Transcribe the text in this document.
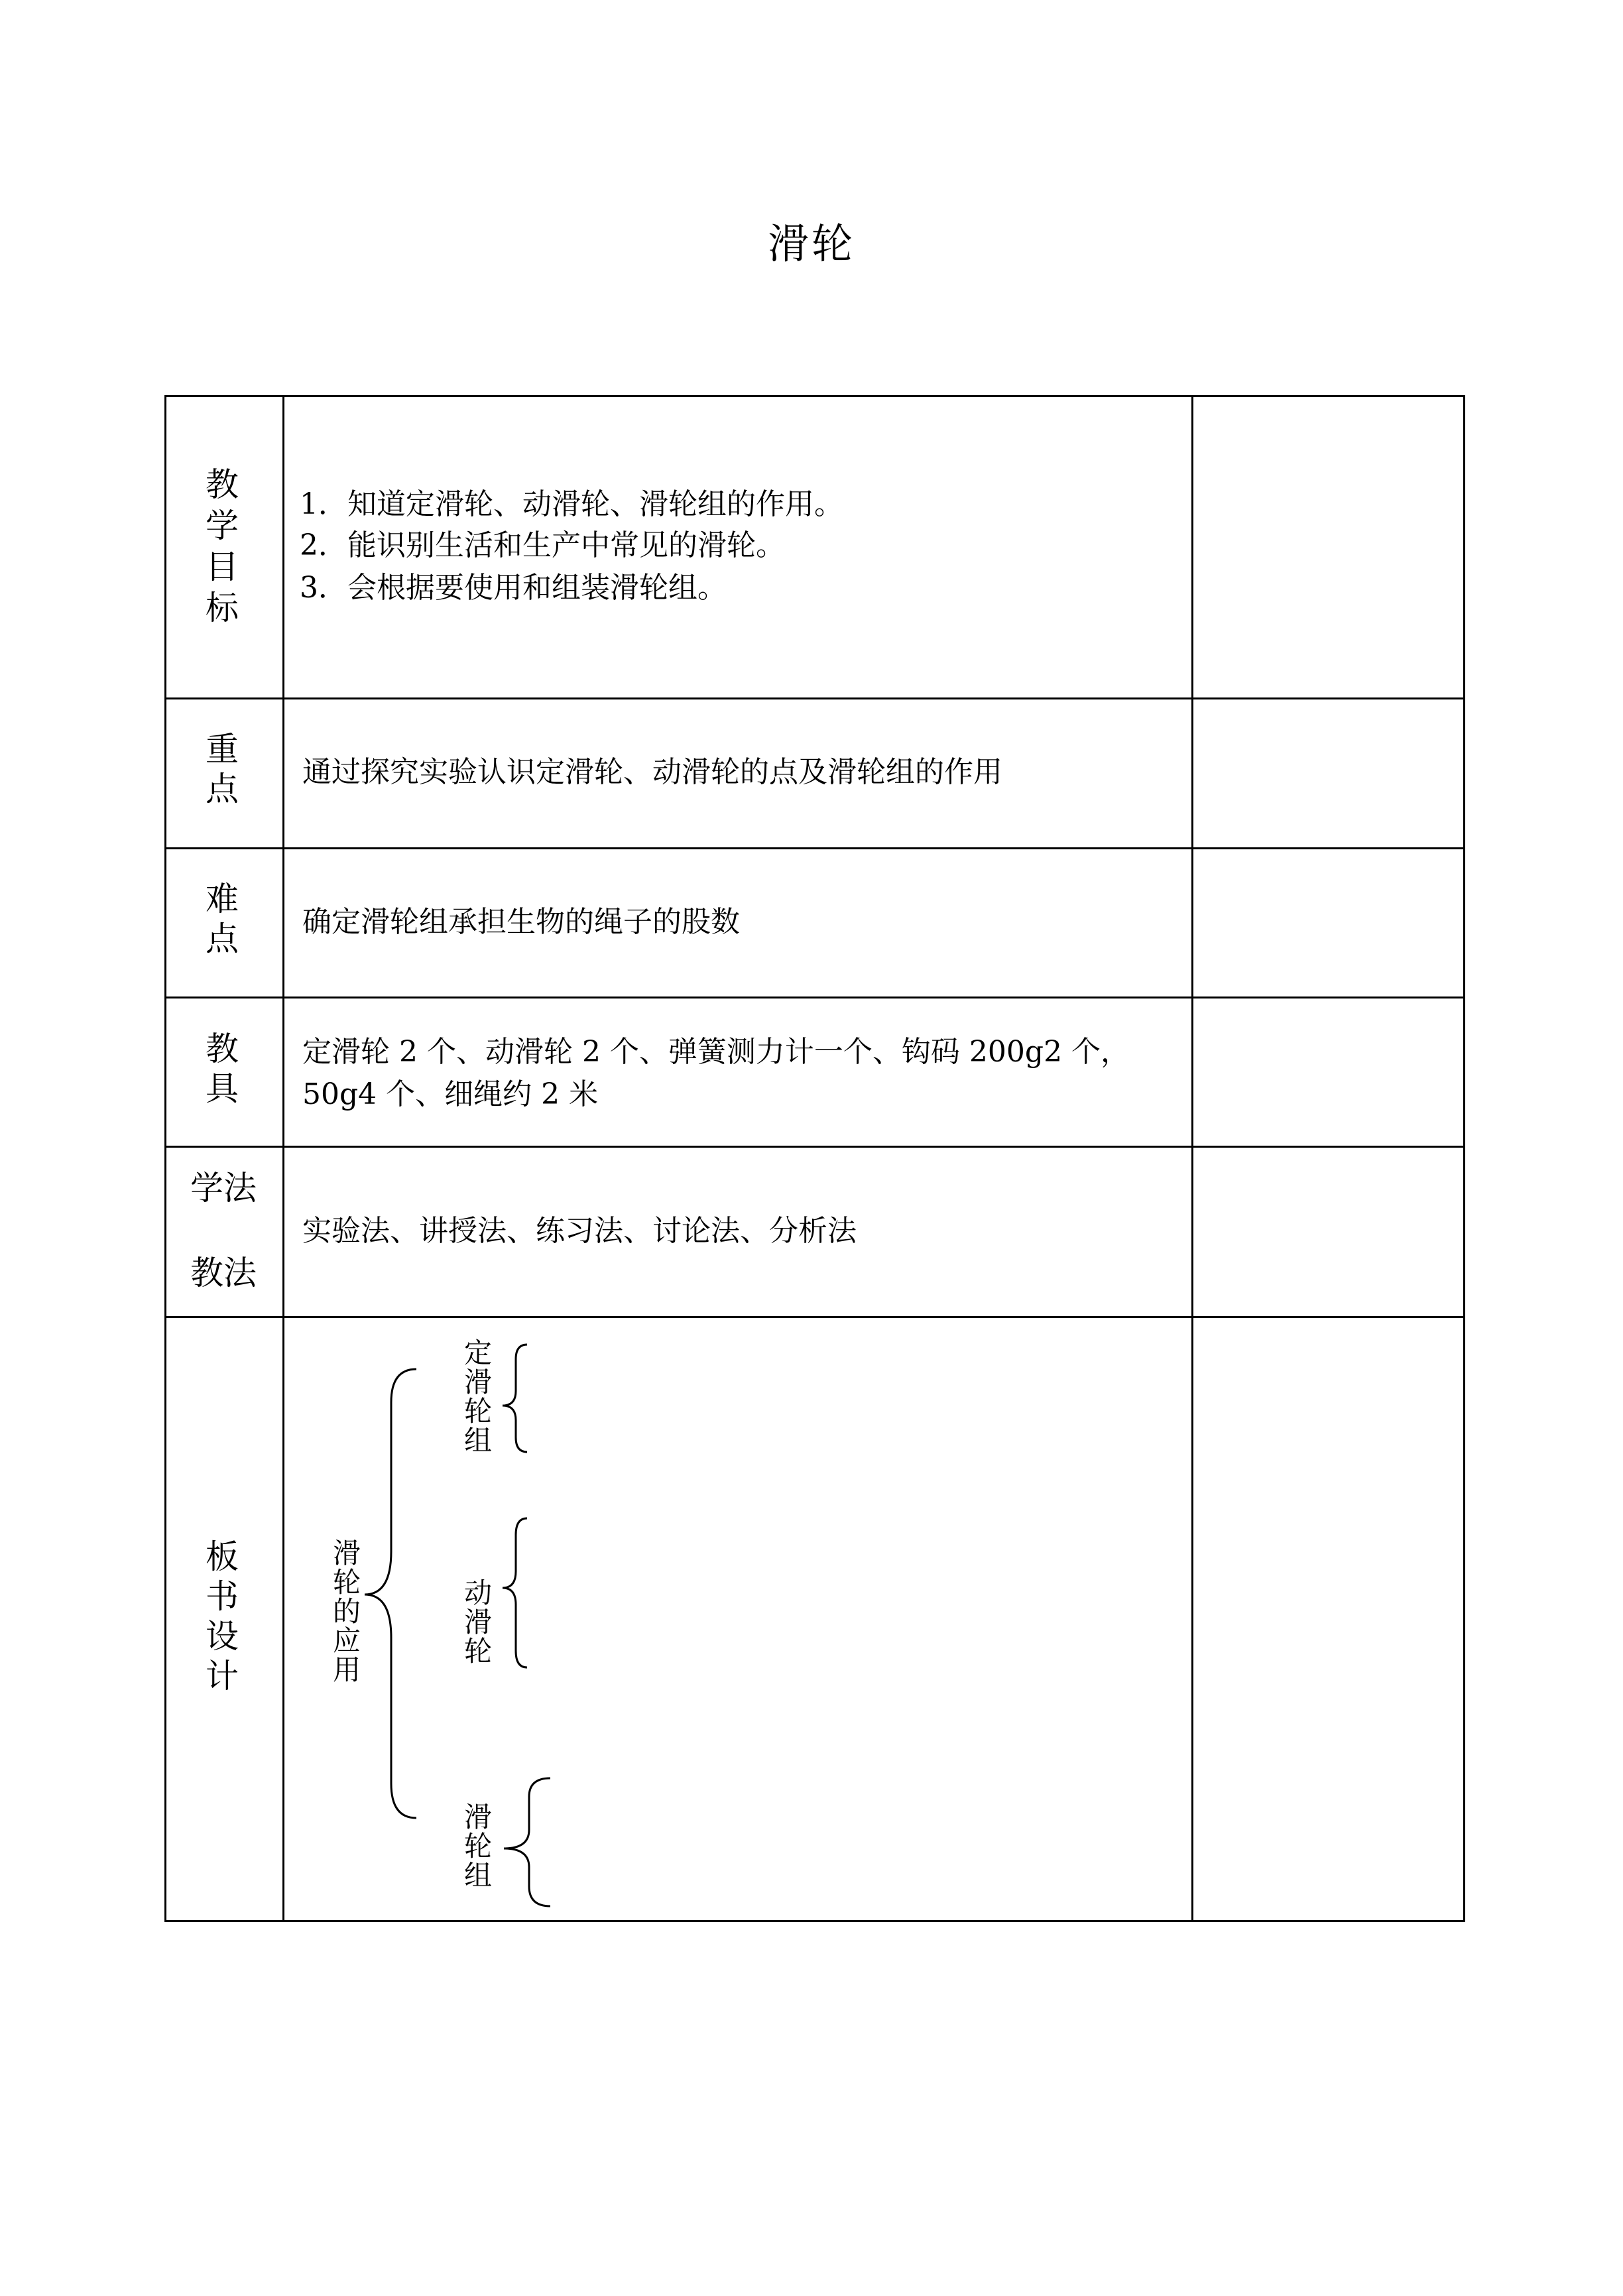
滑轮
教学目标
1．知道定滑轮、动滑轮、滑轮组的作用。
2．能识别生活和生产中常见的滑轮。
3．会根据要使用和组装滑轮组。
重点 通过探究实验认识定滑轮、动滑轮的点及滑轮组的作用
难点 确定滑轮组承担生物的绳子的股数
教具
定滑轮 2 个、动滑轮 2 个、弹簧测力计一个、钩码 200g2 个，
50g4 个、细绳约 2 米
学法
教法
实验法、讲授法、练习法、讨论法、分析法
板书设计	滑轮的应用
定滑轮组
动滑轮
滑轮组
